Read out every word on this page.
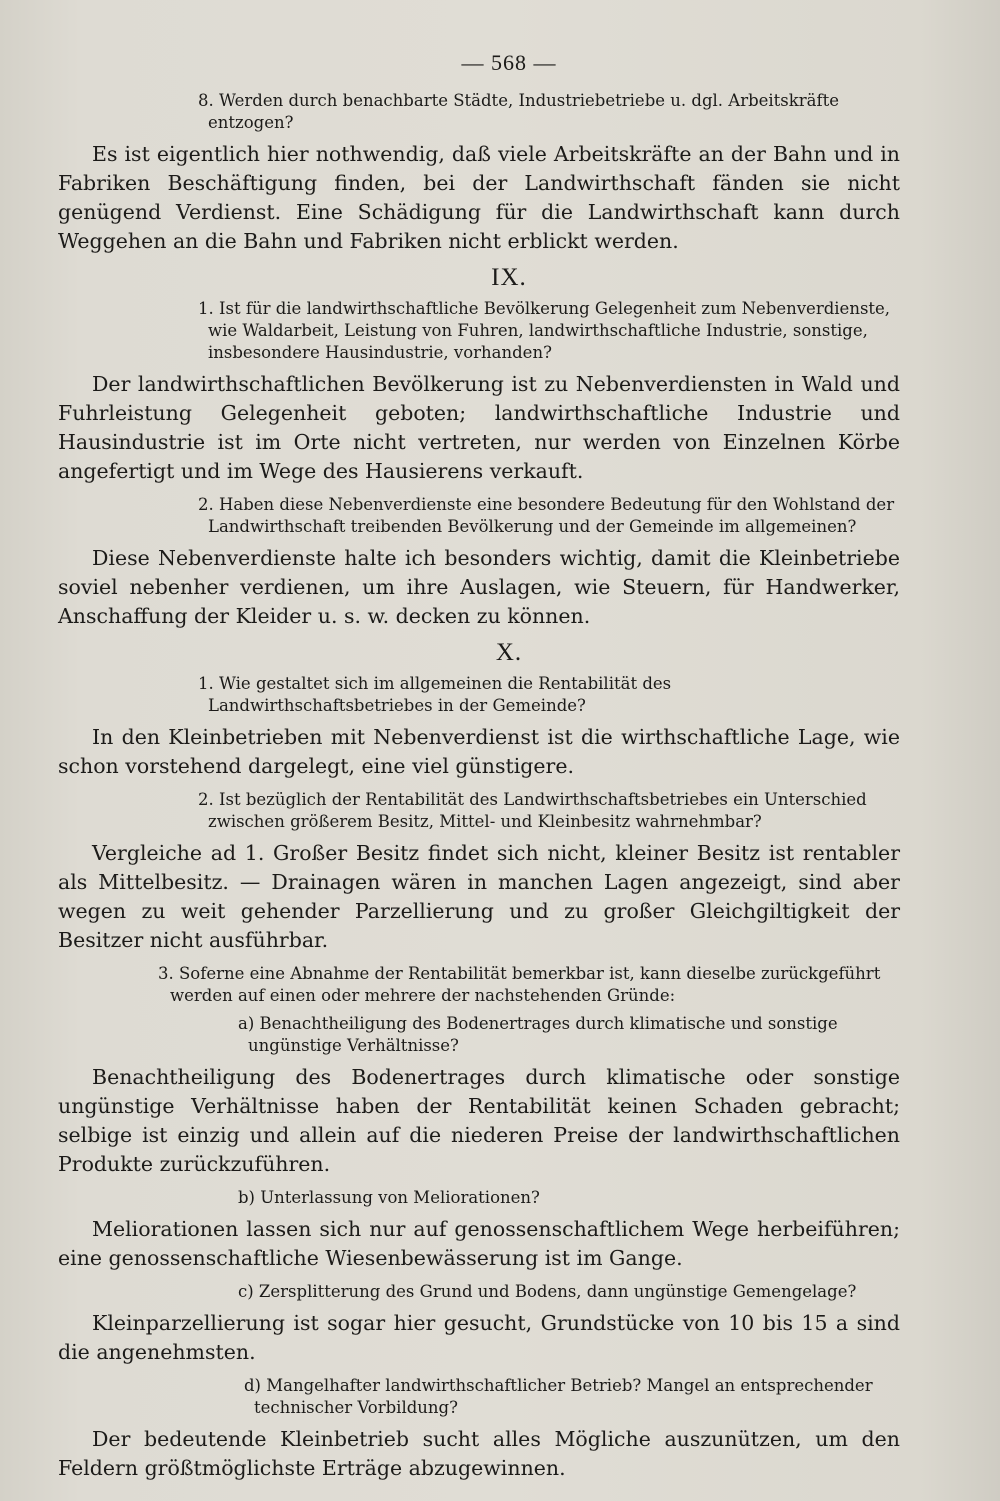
— 568 —
8. Werden durch benachbarte Städte, Industriebetriebe u. dgl. Arbeitskräfte entzogen?
Es ist eigentlich hier nothwendig, daß viele Arbeitskräfte an der Bahn und in Fabriken Beschäftigung finden, bei der Landwirthschaft fänden sie nicht genügend Verdienst. Eine Schädigung für die Landwirthschaft kann durch Weggehen an die Bahn und Fabriken nicht erblickt werden.
IX.
1. Ist für die landwirthschaftliche Bevölkerung Gelegenheit zum Nebenverdienste, wie Waldarbeit, Leistung von Fuhren, landwirthschaftliche Industrie, sonstige, insbesondere Hausindustrie, vorhanden?
Der landwirthschaftlichen Bevölkerung ist zu Nebenverdiensten in Wald und Fuhrleistung Gelegenheit geboten; landwirthschaftliche Industrie und Hausindustrie ist im Orte nicht vertreten, nur werden von Einzelnen Körbe angefertigt und im Wege des Hausierens verkauft.
2. Haben diese Nebenverdienste eine besondere Bedeutung für den Wohlstand der Landwirthschaft treibenden Bevölkerung und der Gemeinde im allgemeinen?
Diese Nebenverdienste halte ich besonders wichtig, damit die Kleinbetriebe soviel nebenher verdienen, um ihre Auslagen, wie Steuern, für Handwerker, Anschaffung der Kleider u. s. w. decken zu können.
X.
1. Wie gestaltet sich im allgemeinen die Rentabilität des Landwirthschaftsbetriebes in der Gemeinde?
In den Kleinbetrieben mit Nebenverdienst ist die wirthschaftliche Lage, wie schon vorstehend dargelegt, eine viel günstigere.
2. Ist bezüglich der Rentabilität des Landwirthschaftsbetriebes ein Unterschied zwischen größerem Besitz, Mittel- und Kleinbesitz wahrnehmbar?
Vergleiche ad 1. Großer Besitz findet sich nicht, kleiner Besitz ist rentabler als Mittelbesitz. — Drainagen wären in manchen Lagen angezeigt, sind aber wegen zu weit gehender Parzellierung und zu großer Gleichgiltigkeit der Besitzer nicht ausführbar.
3. Soferne eine Abnahme der Rentabilität bemerkbar ist, kann dieselbe zurückgeführt werden auf einen oder mehrere der nachstehenden Gründe:
a) Benachtheiligung des Bodenertrages durch klimatische und sonstige ungünstige Verhältnisse?
Benachtheiligung des Bodenertrages durch klimatische oder sonstige ungünstige Verhältnisse haben der Rentabilität keinen Schaden gebracht; selbige ist einzig und allein auf die niederen Preise der landwirthschaftlichen Produkte zurückzuführen.
b) Unterlassung von Meliorationen?
Meliorationen lassen sich nur auf genossenschaftlichem Wege herbeiführen; eine genossenschaftliche Wiesenbewässerung ist im Gange.
c) Zersplitterung des Grund und Bodens, dann ungünstige Gemengelage?
Kleinparzellierung ist sogar hier gesucht, Grundstücke von 10 bis 15 a sind die angenehmsten.
d) Mangelhafter landwirthschaftlicher Betrieb? Mangel an entsprechender technischer Vorbildung?
Der bedeutende Kleinbetrieb sucht alles Mögliche auszunützen, um den Feldern größtmöglichste Erträge abzugewinnen.
